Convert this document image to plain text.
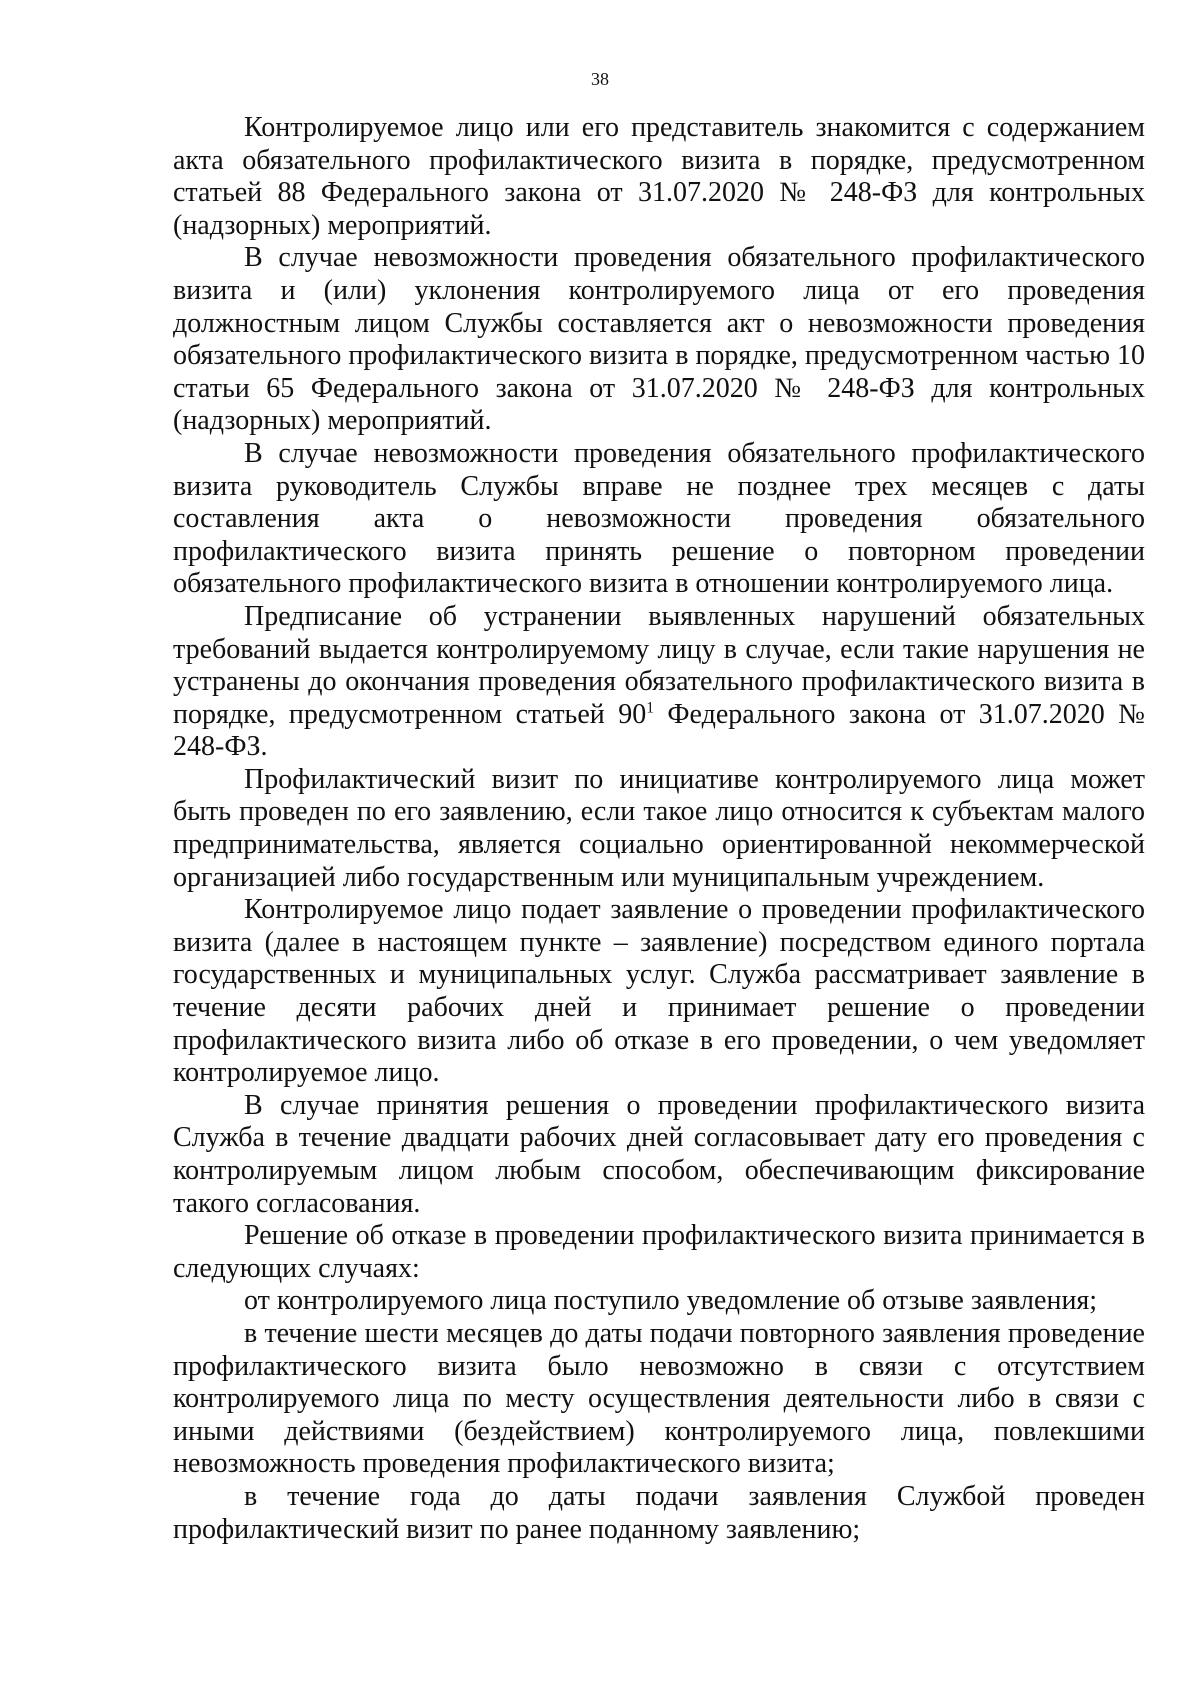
38

Контролируемое лицо или его представитель знакомится с содержанием акта обязательного профилактического визита в порядке, предусмотренном статьей 88 Федерального закона от 31.07.2020 № 248-ФЗ для контрольных (надзорных) мероприятий.

В случае невозможности проведения обязательного профилактического визита и (или) уклонения контролируемого лица от его проведения должностным лицом Службы составляется акт о невозможности проведения обязательного профилактического визита в порядке, предусмотренном частью 10 статьи 65 Федерального закона от 31.07.2020 № 248-ФЗ для контрольных (надзорных) мероприятий.

В случае невозможности проведения обязательного профилактического визита руководитель Службы вправе не позднее трех месяцев с даты составления акта о невозможности проведения обязательного профилактического визита принять решение о повторном проведении обязательного профилактического визита в отношении контролируемого лица.

Предписание об устранении выявленных нарушений обязательных требований выдается контролируемому лицу в случае, если такие нарушения не устранены до окончания проведения обязательного профилактического визита в порядке, предусмотренном статьей $90^1$ Федерального закона от 31.07.2020 № 248-ФЗ.

Профилактический визит по инициативе контролируемого лица может быть проведен по его заявлению, если такое лицо относится к субъектам малого предпринимательства, является социально ориентированной некоммерческой организацией либо государственным или муниципальным учреждением.

Контролируемое лицо подает заявление о проведении профилактического визита (далее в настоящем пункте – заявление) посредством единого портала государственных и муниципальных услуг. Служба рассматривает заявление в течение десяти рабочих дней и принимает решение о проведении профилактического визита либо об отказе в его проведении, о чем уведомляет контролируемое лицо.

В случае принятия решения о проведении профилактического визита Служба в течение двадцати рабочих дней согласовывает дату его проведения с контролируемым лицом любым способом, обеспечивающим фиксирование такого согласования.

Решение об отказе в проведении профилактического визита принимается в следующих случаях:

от контролируемого лица поступило уведомление об отзыве заявления;

в течение шести месяцев до даты подачи повторного заявления проведение профилактического визита было невозможно в связи с отсутствием контролируемого лица по месту осуществления деятельности либо в связи с иными действиями (бездействием) контролируемого лица, повлекшими невозможность проведения профилактического визита;

в течение года до даты подачи заявления Службой проведен профилактический визит по ранее поданному заявлению;
